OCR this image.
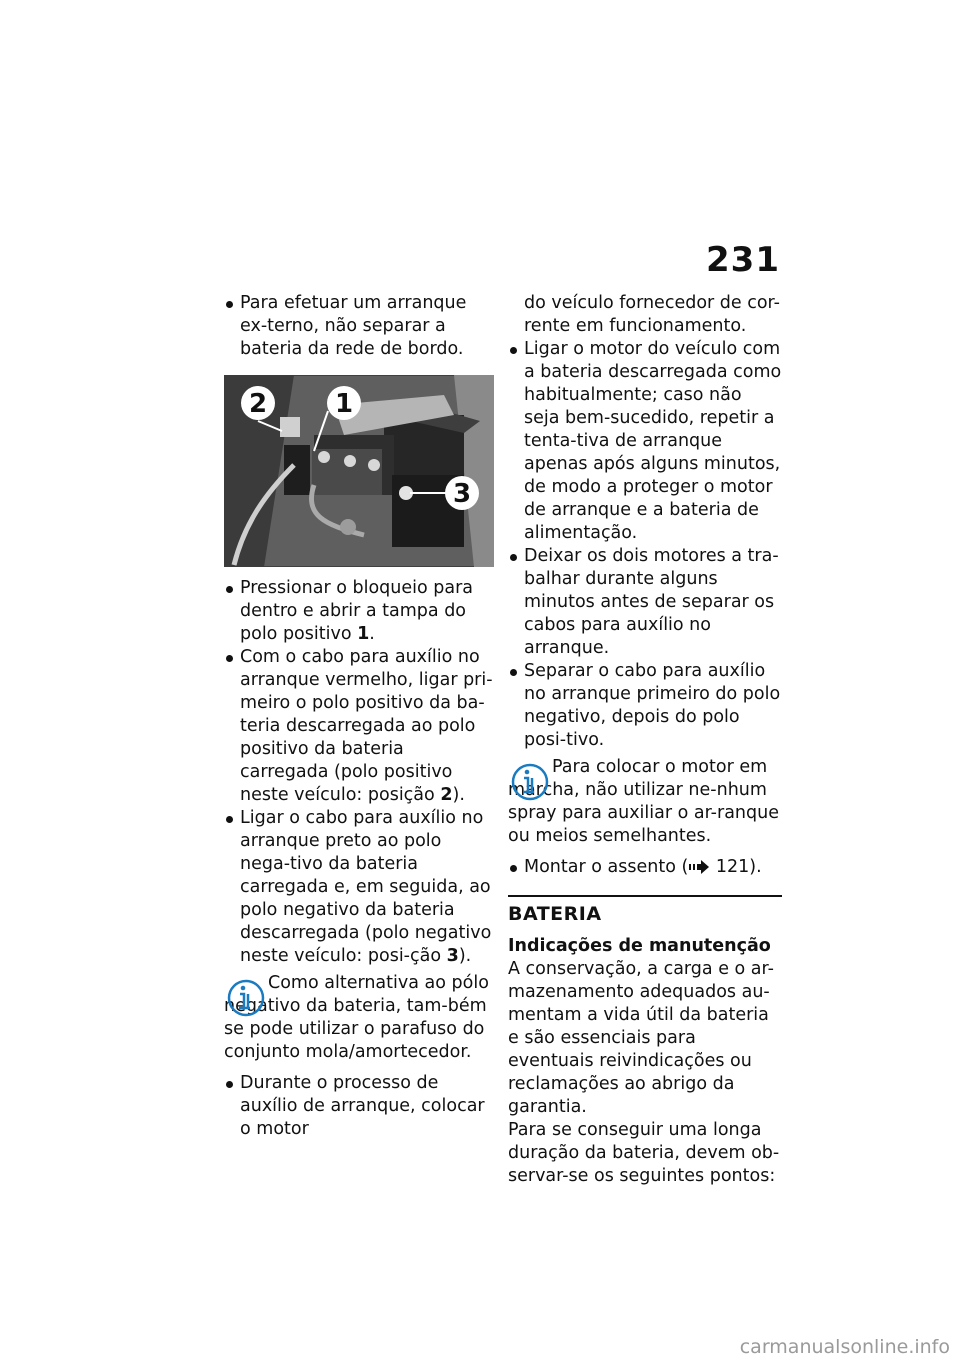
231
Para efetuar um arranque ex-terno, não separar a bateria da rede de bordo.
2	1
3
Pressionar o bloqueio para dentro e abrir a tampa do polo positivo 1.
Com o cabo para auxílio no arranque vermelho, ligar pri-meiro o polo positivo da ba-teria descarregada ao polo positivo da bateria carregada (polo positivo neste veículo: posição 2).
Ligar o cabo para auxílio no arranque preto ao polo nega-tivo da bateria carregada e, em seguida, ao polo negativo da bateria descarregada (polo negativo neste veículo: posi-ção 3).
Como alternativa ao pólo negativo da bateria, tam-bém se pode utilizar o parafuso do conjunto mola/amortecedor.
Durante o processo de auxílio de arranque, colocar o motor
do veículo fornecedor de cor-rente em funcionamento.
Ligar o motor do veículo com a bateria descarregada como habitualmente; caso não seja bem-sucedido, repetir a tenta-tiva de arranque apenas após alguns minutos, de modo a proteger o motor de arranque e a bateria de alimentação.
Deixar os dois motores a tra-balhar durante alguns minutos antes de separar os cabos para auxílio no arranque.
Separar o cabo para auxílio no arranque primeiro do polo negativo, depois do polo posi-tivo.
Para colocar o motor em marcha, não utilizar ne-nhum spray para auxiliar o ar-ranque ou meios semelhantes.
Montar o assento ( 121).
BATERIA
Indicações de manutenção
A conservação, a carga e o ar-mazenamento adequados au-mentam a vida útil da bateria e são essenciais para eventuais reivindicações ou reclamações ao abrigo da garantia.
Para se conseguir uma longa duração da bateria, devem ob-servar-se os seguintes pontos:
carmanualsonline.info
